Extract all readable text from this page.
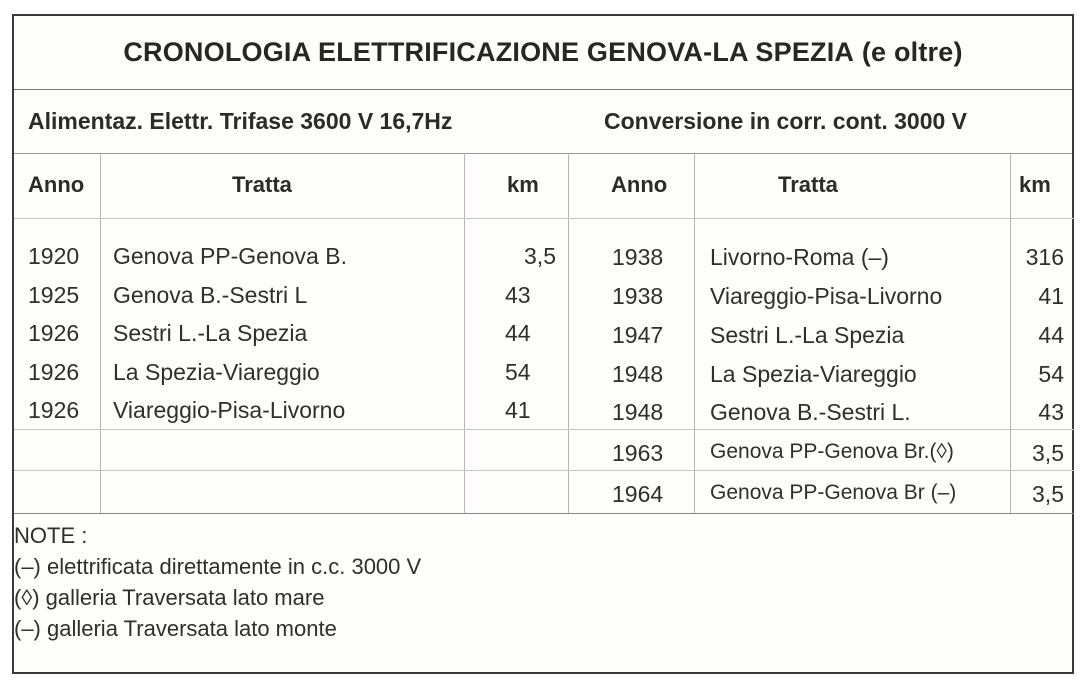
CRONOLOGIA ELETTRIFICAZIONE GENOVA-LA SPEZIA
(e oltre)
Alimentaz. Elettr. Trifase 3600 V 16,7Hz	Conversione in corr. cont. 3000 V
Anno	Tratta	km	Anno	Tratta	km
1920 Genova PP-Genova B.	3,5
1925 Genova B.-Sestri L	43
1926 Sestri L.-La Spezia	44
1926 La Spezia-Viareggio	54
1926 Viareggio-Pisa-Livorno	41
1938 Livorno-Roma (–)	316
1938 Viareggio-Pisa-Livorno	41
1947 Sestri L.-La Spezia	44
1948 La Spezia-Viareggio	54
1948 Genova B.-Sestri L.	43
1963 Genova PP-Genova Br.(◊)	3,5
1964 Genova PP-Genova Br (–)	3,5
NOTE :
(–) elettrificata direttamente in c.c. 3000 V
(◊) galleria Traversata lato mare
(–) galleria Traversata lato monte
